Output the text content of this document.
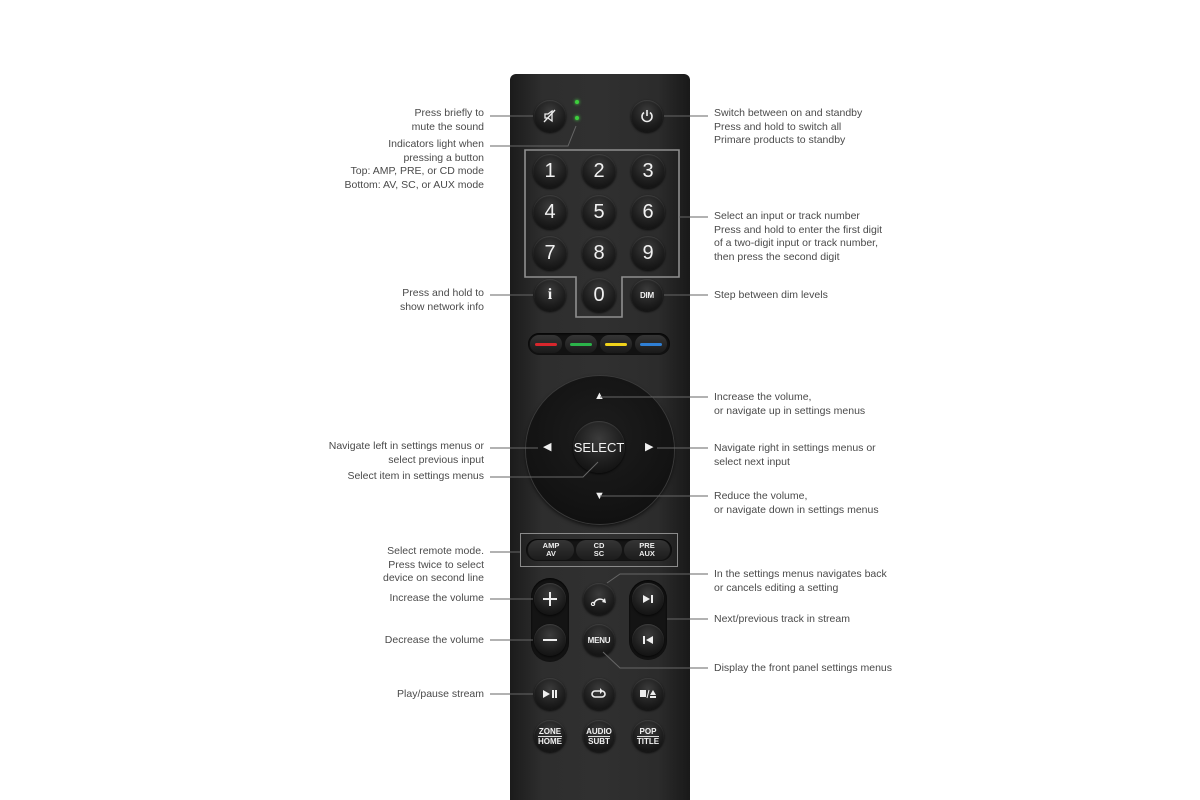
1	2	3
4	5	6
7	8	9
i	0	DIM
▲
▼
◀	▶
SELECT
AMP
AV
CD
SC
PRE
AUX
MENU
ZONE
HOME
AUDIO
SUBT
POP
TITLE
Press briefly to
mute the sound
Indicators light when
pressing a button
Top: AMP, PRE, or CD mode
Bottom: AV, SC, or AUX mode
Press and hold to
show network info
Navigate left in settings menus or
select previous input
Select item in settings menus
Select remote mode.
Press twice to select
device on second line
Increase the volume
Decrease the volume
Play/pause stream
Switch between on and standby
Press and hold to switch all
Primare products to standby
Select an input or track number
Press and hold to enter the first digit
of a two-digit input or track number,
then press the second digit
Step between dim levels
Increase the volume,
or navigate up in settings menus
Navigate right in settings menus or
select next input
Reduce the volume,
or navigate down in settings menus
In the settings menus navigates back
or cancels editing a setting
Next/previous track in stream
Display the front panel settings menus
